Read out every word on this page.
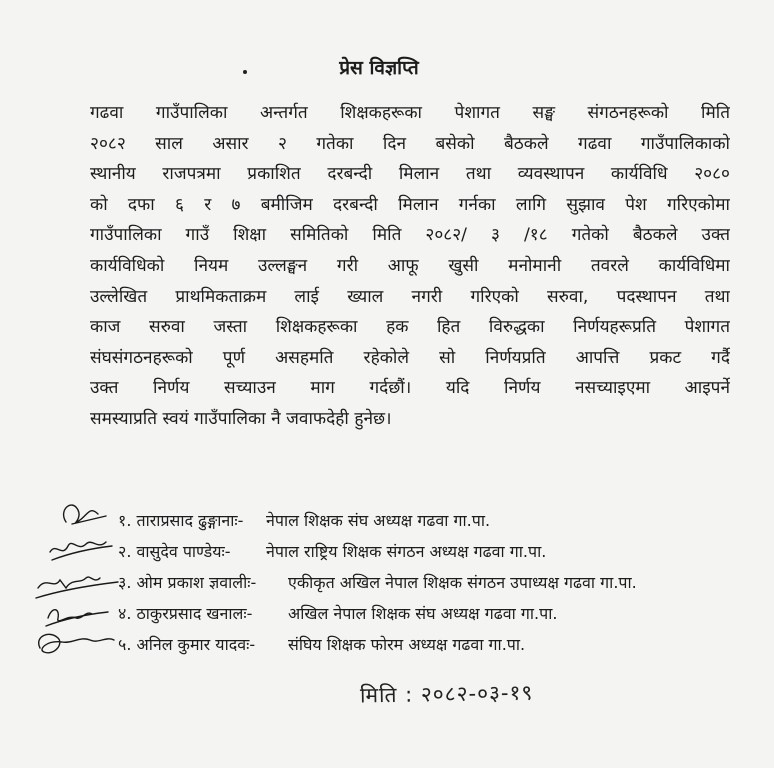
प्रेस विज्ञप्ति
गढवा गाउँपालिका अन्तर्गत शिक्षकहरूका पेशागत सङ्घ संगठनहरूको मिति
२०८२ साल असार २ गतेका दिन बसेको बैठकले गढवा गाउँपालिकाको
स्थानीय राजपत्रमा प्रकाशित दरबन्दी मिलान तथा व्यवस्थापन कार्यविधि २०८०
को दफा ६ र ७ बमीजिम दरबन्दी मिलान गर्नका लागि सुझाव पेश गरिएकोमा
गाउँपालिका गाउँ शिक्षा समितिको मिति २०८२/ ३ /१८ गतेको बैठकले उक्त
कार्यविधिको नियम उल्लङ्घन गरी आफू खुसी मनोमानी तवरले कार्यविधिमा
उल्लेखित प्राथमिकताक्रम लाई ख्याल नगरी गरिएको सरुवा, पदस्थापन तथा
काज सरुवा जस्ता शिक्षकहरूका हक हित विरुद्धका निर्णयहरूप्रति पेशागत
संघसंगठनहरूको पूर्ण असहमति रहेकोले सो निर्णयप्रति आपत्ति प्रकट गर्दै
उक्त निर्णय सच्याउन माग गर्दछौं। यदि निर्णय नसच्याइएमा आइपर्ने
समस्याप्रति स्वयं गाउँपालिका नै जवाफदेही हुनेछ।
१. ताराप्रसाद ढुङ्गानाः- नेपाल शिक्षक संघ अध्यक्ष गढवा गा.पा.
२. वासुदेव पाण्डेयः- नेपाल राष्ट्रिय शिक्षक संगठन अध्यक्ष गढवा गा.पा.
३. ओम प्रकाश ज्ञवालीः- एकीकृत अखिल नेपाल शिक्षक संगठन उपाध्यक्ष गढवा गा.पा.
४. ठाकुरप्रसाद खनालः- अखिल नेपाल शिक्षक संघ अध्यक्ष गढवा गा.पा.
५. अनिल कुमार यादवः- संघिय शिक्षक फोरम अध्यक्ष गढवा गा.पा.
मिति : २०८२-०३-१९
